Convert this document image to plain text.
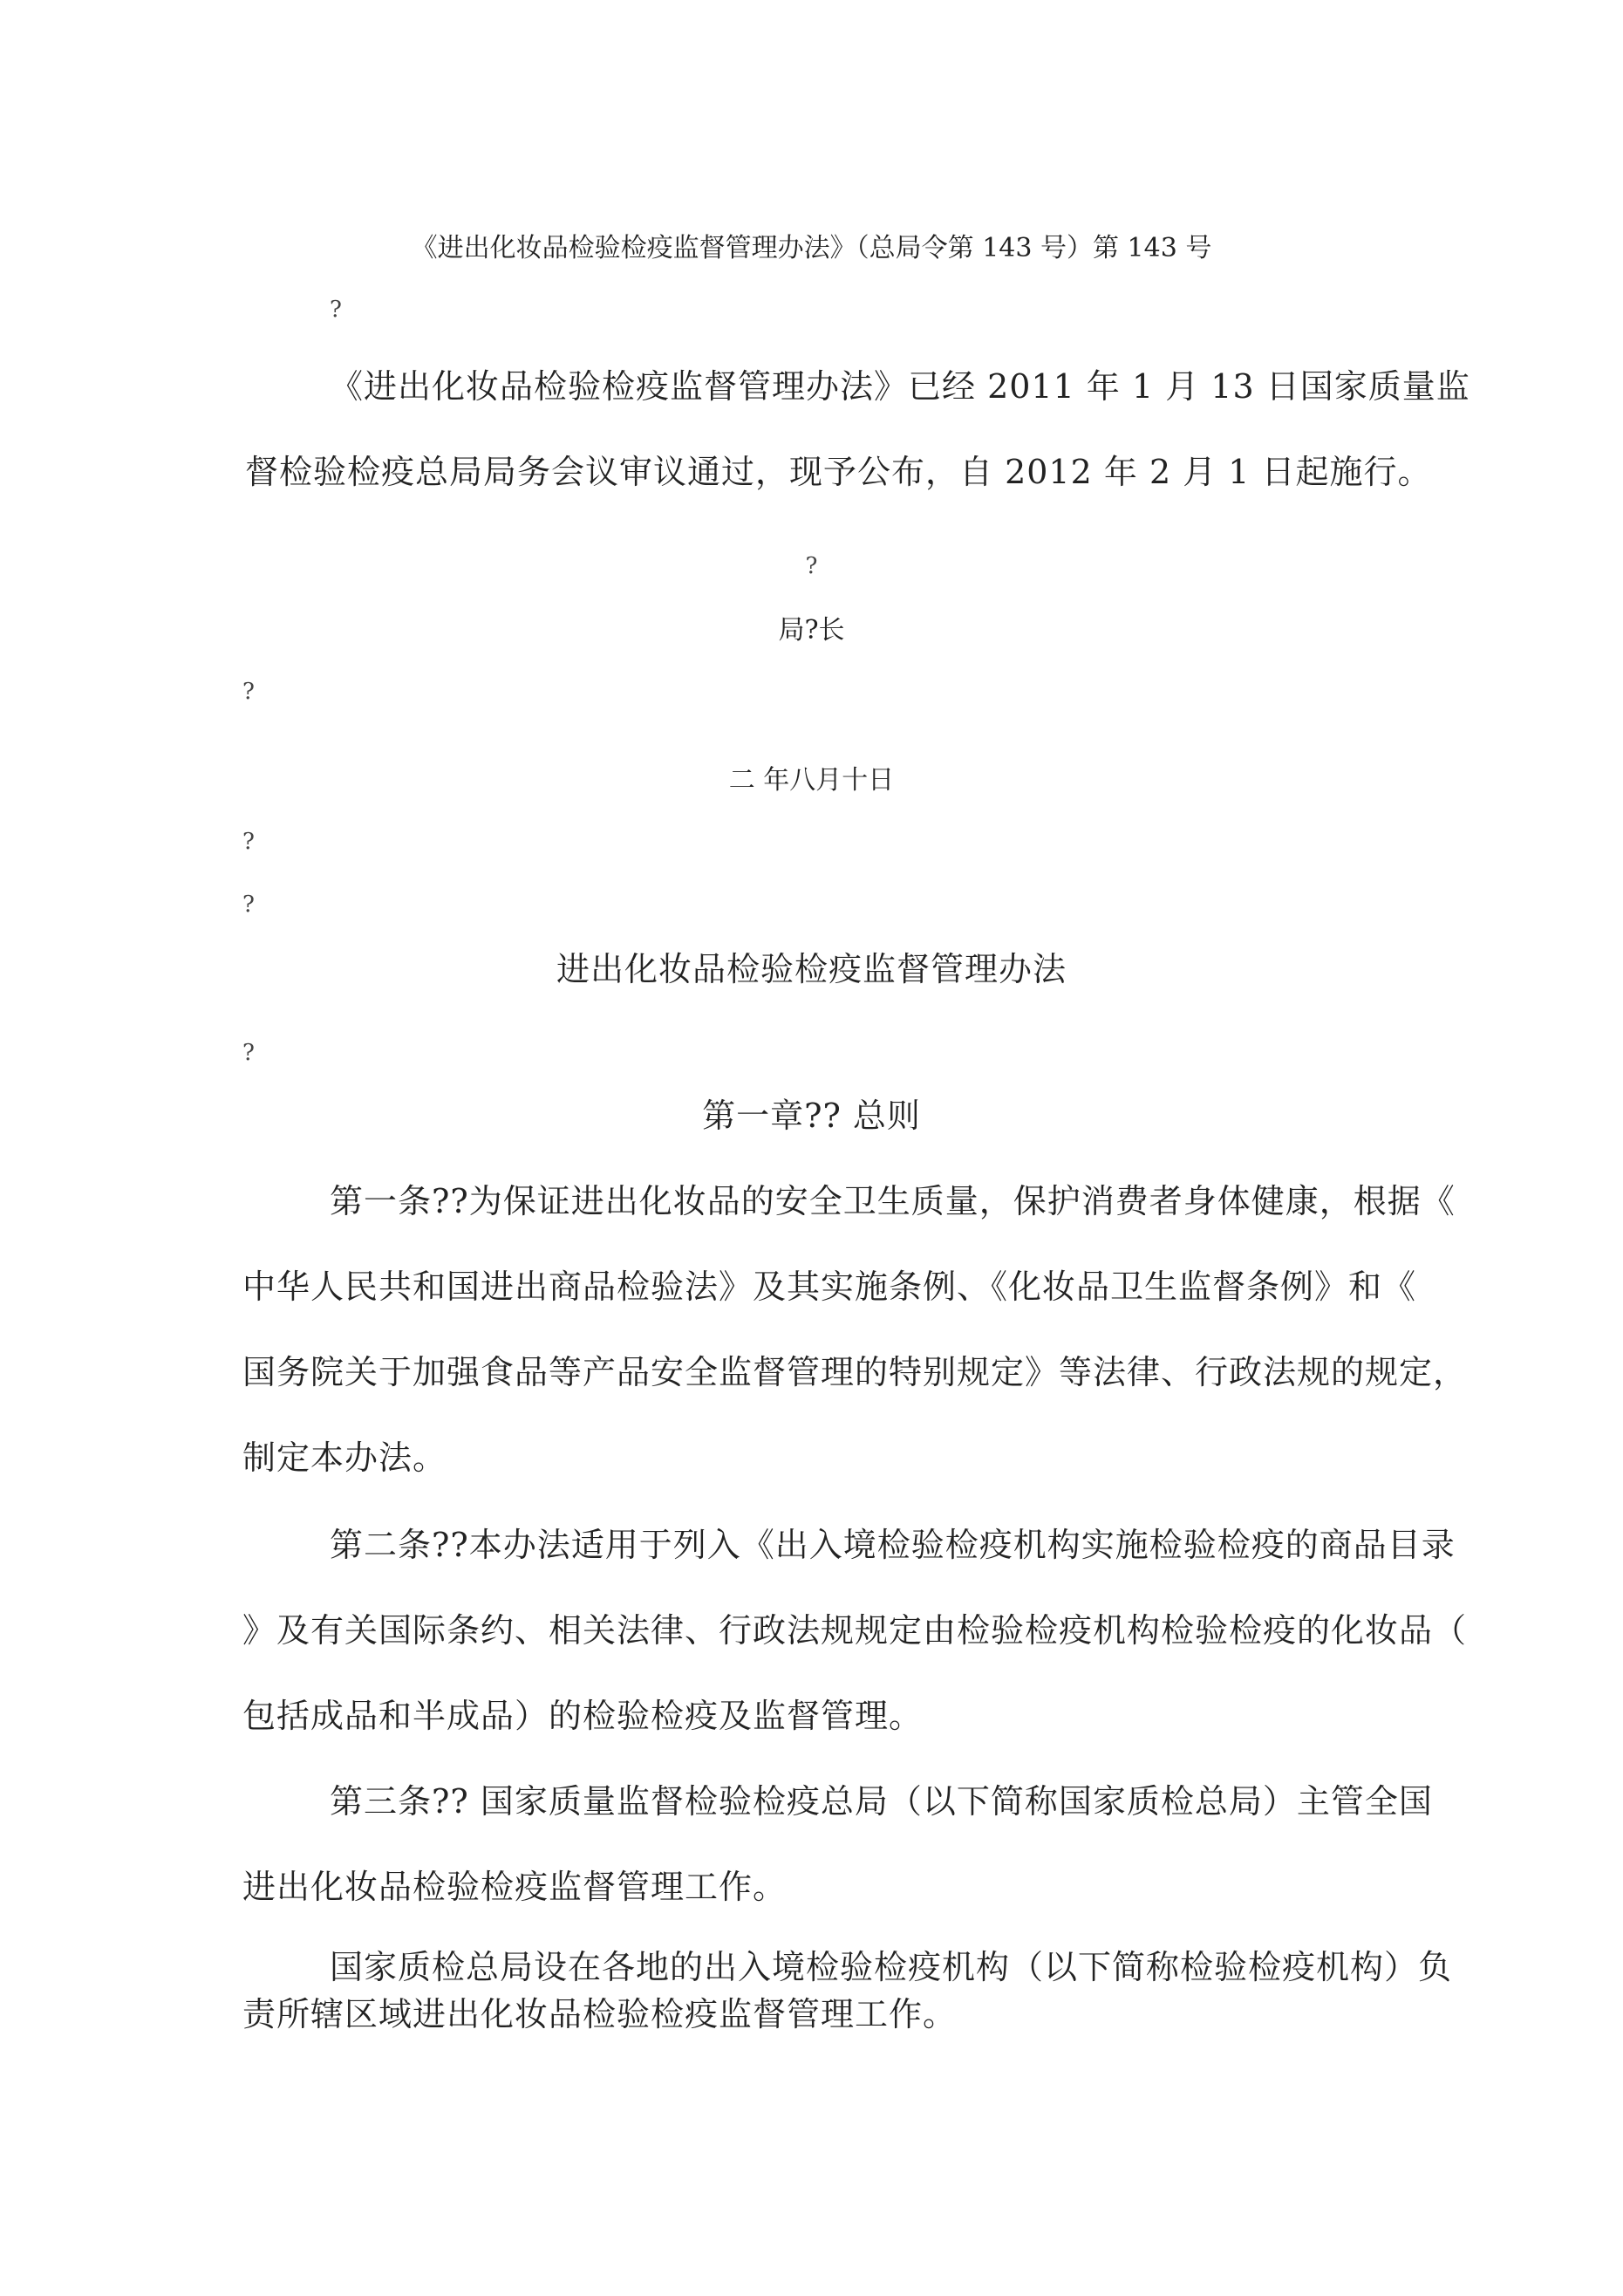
《进出化妆品检验检疫监督管理办法》（总局令第 143 号）第 143 号
?
《进出化妆品检验检疫监督管理办法》已经 2011 年 1 月 13 日国家质量监
督检验检疫总局局务会议审议通过，现予公布，自 2012 年 2 月 1 日起施行。
?
局?长
?
二 年八月十日
?
?
进出化妆品检验检疫监督管理办法
?
第一章?? 总则
第一条??为保证进出化妆品的安全卫生质量，保护消费者身体健康，根据《
中华人民共和国进出商品检验法》及其实施条例、《化妆品卫生监督条例》和《
国务院关于加强食品等产品安全监督管理的特别规定》等法律、行政法规的规定，
制定本办法。
第二条??本办法适用于列入《出入境检验检疫机构实施检验检疫的商品目录
》及有关国际条约、相关法律、行政法规规定由检验检疫机构检验检疫的化妆品（
包括成品和半成品）的检验检疫及监督管理。
第三条?? 国家质量监督检验检疫总局（以下简称国家质检总局）主管全国
进出化妆品检验检疫监督管理工作。
国家质检总局设在各地的出入境检验检疫机构（以下简称检验检疫机构）负
责所辖区域进出化妆品检验检疫监督管理工作。
